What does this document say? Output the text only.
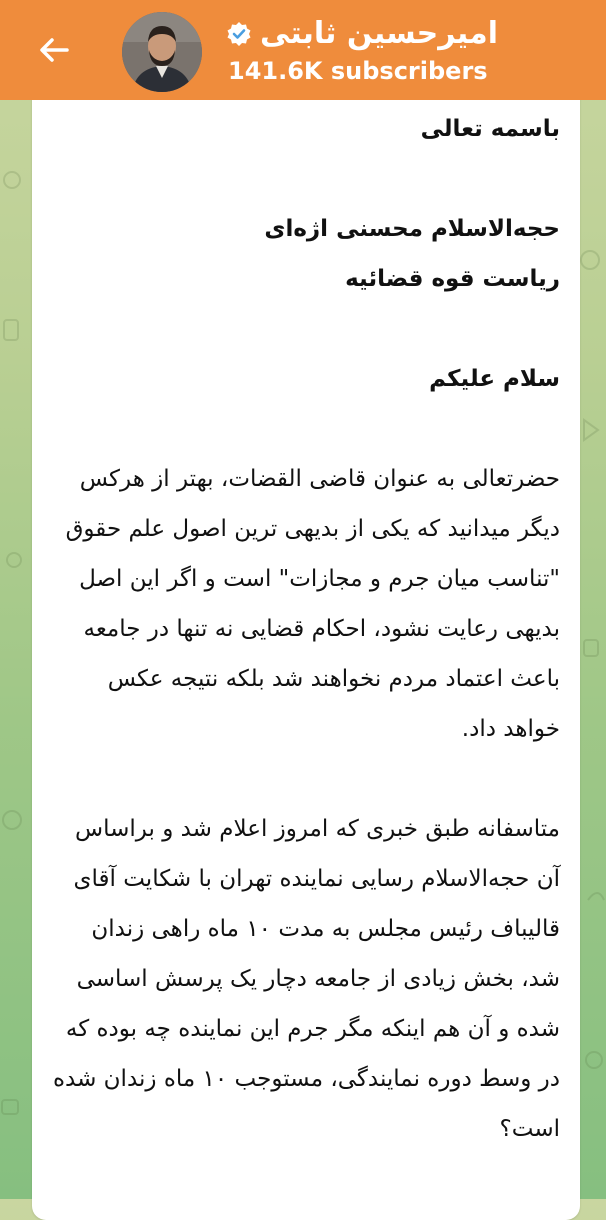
امیرحسین ثابتی
141.6K subscribers

باسمه تعالی

حجه‌الاسلام محسنی اژه‌ای
ریاست قوه قضائیه

سلام علیکم

حضرتعالی به عنوان قاضی القضات، بهتر از هرکس دیگر میدانید که یکی از بدیهی ترین اصول علم حقوق "تناسب میان جرم و مجازات" است و اگر این اصل بدیهی رعایت نشود، احکام قضایی نه تنها در جامعه باعث اعتماد مردم نخواهند شد بلکه نتیجه عکس خواهد داد.

متاسفانه طبق خبری که امروز اعلام شد و براساس آن حجه‌الاسلام رسایی نماینده تهران با شکایت آقای قالیباف رئیس مجلس به مدت ۱۰ ماه راهی زندان شد، بخش زیادی از جامعه دچار یک پرسش اساسی شده و آن هم اینکه مگر جرم این نماینده چه بوده که در وسط دوره نمایندگی، مستوجب ۱۰ ماه زندان شده است؟
